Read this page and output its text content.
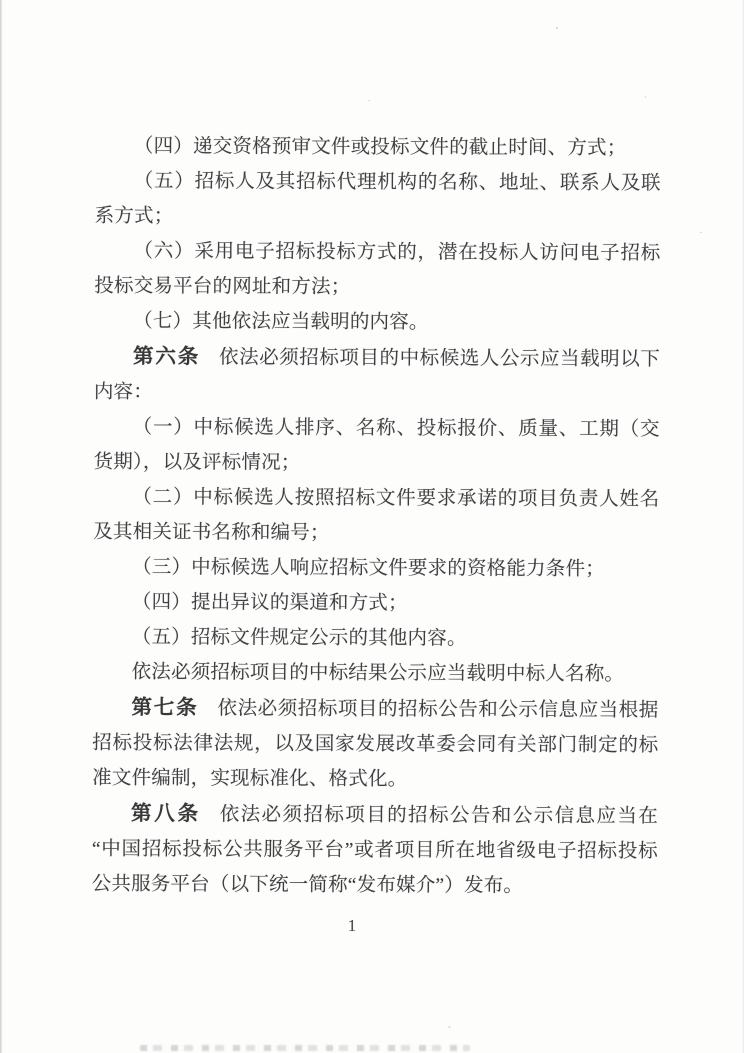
（四）递交资格预审文件或投标文件的截止时间、方式；

（五）招标人及其招标代理机构的名称、地址、联系人及联系方式；

（六）采用电子招标投标方式的，潜在投标人访问电子招标投标交易平台的网址和方法；

（七）其他依法应当载明的内容。

第六条 依法必须招标项目的中标候选人公示应当载明以下内容：

（一）中标候选人排序、名称、投标报价、质量、工期（交货期），以及评标情况；

（二）中标候选人按照招标文件要求承诺的项目负责人姓名及其相关证书名称和编号；

（三）中标候选人响应招标文件要求的资格能力条件；

（四）提出异议的渠道和方式；

（五）招标文件规定公示的其他内容。

依法必须招标项目的中标结果公示应当载明中标人名称。

第七条 依法必须招标项目的招标公告和公示信息应当根据招标投标法律法规，以及国家发展改革委会同有关部门制定的标准文件编制，实现标准化、格式化。

第八条 依法必须招标项目的招标公告和公示信息应当在“中国招标投标公共服务平台”或者项目所在地省级电子招标投标公共服务平台（以下统一简称“发布媒介”）发布。

1
